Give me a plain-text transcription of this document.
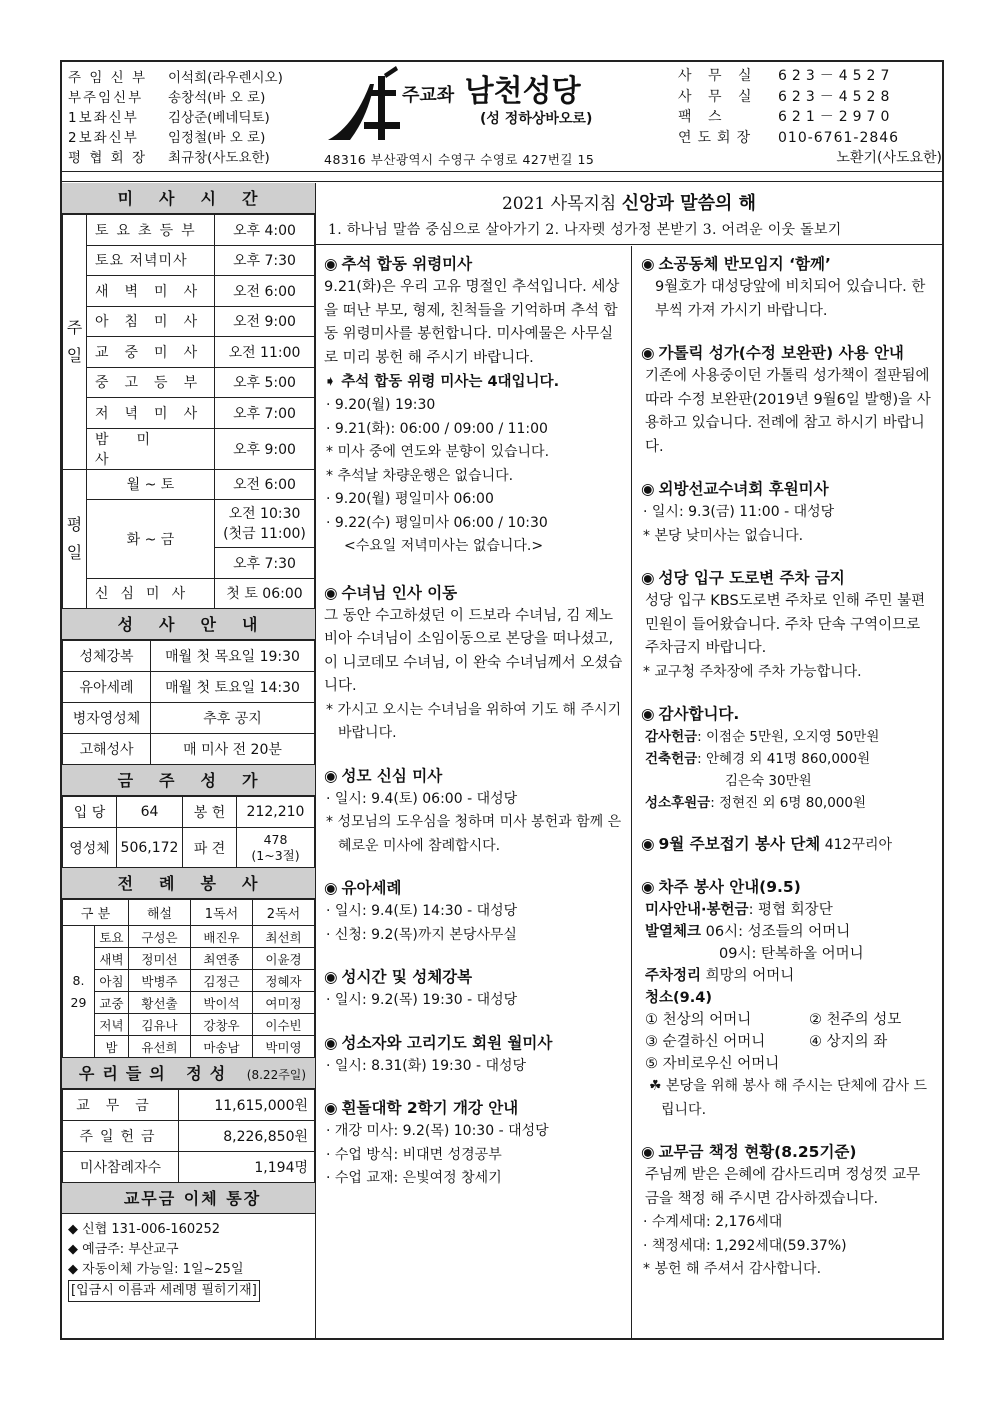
주 임 신 부 이석희(라우렌시오)
부주임신부 송창석(바 오 로)
1보좌신부 김상준(베네딕토)
2보좌신부 임정철(바 오 로)
평 협 회 장 최규창(사도요한)
주교좌 남천성당
(성 정하상바오로)
48316 부산광역시 수영구 수영로 427번길 15
사 무 실 623－4527
사 무 실 623－4528
팩 스	621－2970
연도회장 010-6761-2846
노환기(사도요한)
미사시간
주일	토요초등부	오후 4:00
	토요 저녁미사	오후 7:30
	새벽미사	오전 6:00
	아침미사	오전 9:00
	교중미사	오전 11:00
	중고등부	오후 5:00
	저녁미사	오후 7:00
	밤미사	오후 9:00
평일	월 ~ 토	오전 6:00
	화 ~ 금	오전 10:30
(첫금 11:00)
		오후 7:30
	신심미사	첫 토 06:00
성사안내
성체강복	매월 첫 목요일 19:30
유아세례	매월 첫 토요일 14:30
병자영성체	추후 공지
고해성사	매 미사 전 20분
금주성가
입 당	64	봉 헌	212,210
영성체	506,172	파 견	478
(1~3절)
전례봉사
구 분		해설	1독서	2독서
8.
29	토요	구성은	배진우	최선희
	새벽	정미선	최연종	이윤경
	아침	박병주	김정근	정혜자
	교중	황선출	박이석	여미정
	저녁	김유나	강창우	이수빈
	밤	유선희	마송남	박미영
우리들의 정성 (8.22주일)
교무금	11,615,000원
주일헌금	8,226,850원
미사참례자수	1,194명
교무금 이체 통장
◆ 신협 131-006-160252
◆ 예금주: 부산교구
◆ 자동이체 가능일: 1일~25일
[입금시 이름과 세례명 필히기재]
2021 사목지침 신앙과 말씀의 해
1. 하나님 말씀 중심으로 살아가기 2. 나자렛 성가정 본받기 3. 어려운 이웃 돌보기
◉ 추석 합동 위령미사
9.21(화)은 우리 고유 명절인 추석입니다. 세상을 떠난 부모, 형제, 친척들을 기억하며 추석 합동 위령미사를 봉헌합니다. 미사예물은 사무실로 미리 봉헌 해 주시기 바랍니다.
➧ 추석 합동 위령 미사는 4대입니다.
· 9.20(월) 19:30
· 9.21(화): 06:00 / 09:00 / 11:00
* 미사 중에 연도와 분향이 있습니다.
* 추석날 차량운행은 없습니다.
· 9.20(월) 평일미사 06:00
· 9.22(수) 평일미사 06:00 / 10:30
<수요일 저녁미사는 없습니다.>
◉ 수녀님 인사 이동
그 동안 수고하셨던 이 드보라 수녀님, 김 제노비아 수녀님이 소임이동으로 본당을 떠나셨고, 이 니코데모 수녀님, 이 완숙 수녀님께서 오셨습니다.
* 가시고 오시는 수녀님을 위하여 기도 해 주시기 바랍니다.
◉ 성모 신심 미사
· 일시: 9.4(토) 06:00 - 대성당
* 성모님의 도우심을 청하며 미사 봉헌과 함께 은혜로운 미사에 참례합시다.
◉ 유아세례
· 일시: 9.4(토) 14:30 - 대성당
· 신청: 9.2(목)까지 본당사무실
◉ 성시간 및 성체강복
· 일시: 9.2(목) 19:30 - 대성당
◉ 성소자와 고리기도 회원 월미사
· 일시: 8.31(화) 19:30 - 대성당
◉ 흰돌대학 2학기 개강 안내
· 개강 미사: 9.2(목) 10:30 - 대성당
· 수업 방식: 비대면 성경공부
· 수업 교재: 은빛여정 창세기
◉ 소공동체 반모임지 ‘함께’
9월호가 대성당앞에 비치되어 있습니다. 한부씩 가져 가시기 바랍니다.
◉ 가톨릭 성가(수정 보완판) 사용 안내
기존에 사용중이던 가톨릭 성가책이 절판됨에 따라 수정 보완판(2019년 9월6일 발행)을 사용하고 있습니다. 전례에 참고 하시기 바랍니다.
◉ 외방선교수녀회 후원미사
· 일시: 9.3(금) 11:00 - 대성당
* 본당 낮미사는 없습니다.
◉ 성당 입구 도로변 주차 금지
성당 입구 KBS도로변 주차로 인해 주민 불편 민원이 들어왔습니다. 주차 단속 구역이므로 주차금지 바랍니다.
* 교구청 주차장에 주차 가능합니다.
◉ 감사합니다.
감사헌금: 이점순 5만원, 오지영 50만원
건축헌금: 안혜경 외 41명 860,000원
김은숙 30만원
성소후원금: 정현진 외 6명 80,000원
◉ 9월 주보접기 봉사 단체 412꾸리아
◉ 차주 봉사 안내(9.5)
미사안내·봉헌금: 평협 회장단
발열체크 06시: 성조들의 어머니
09시: 탄복하올 어머니
주차정리 희망의 어머니
청소(9.4)
① 천상의 어머니	② 천주의 성모
③ 순결하신 어머니	④ 상지의 좌
⑤ 자비로우신 어머니
☘ 본당을 위해 봉사 해 주시는 단체에 감사 드립니다.
◉ 교무금 책정 현황(8.25기준)
주님께 받은 은혜에 감사드리며 정성껏 교무금을 책정 해 주시면 감사하겠습니다.
· 수계세대: 2,176세대
· 책정세대: 1,292세대(59.37%)
* 봉헌 해 주셔서 감사합니다.
